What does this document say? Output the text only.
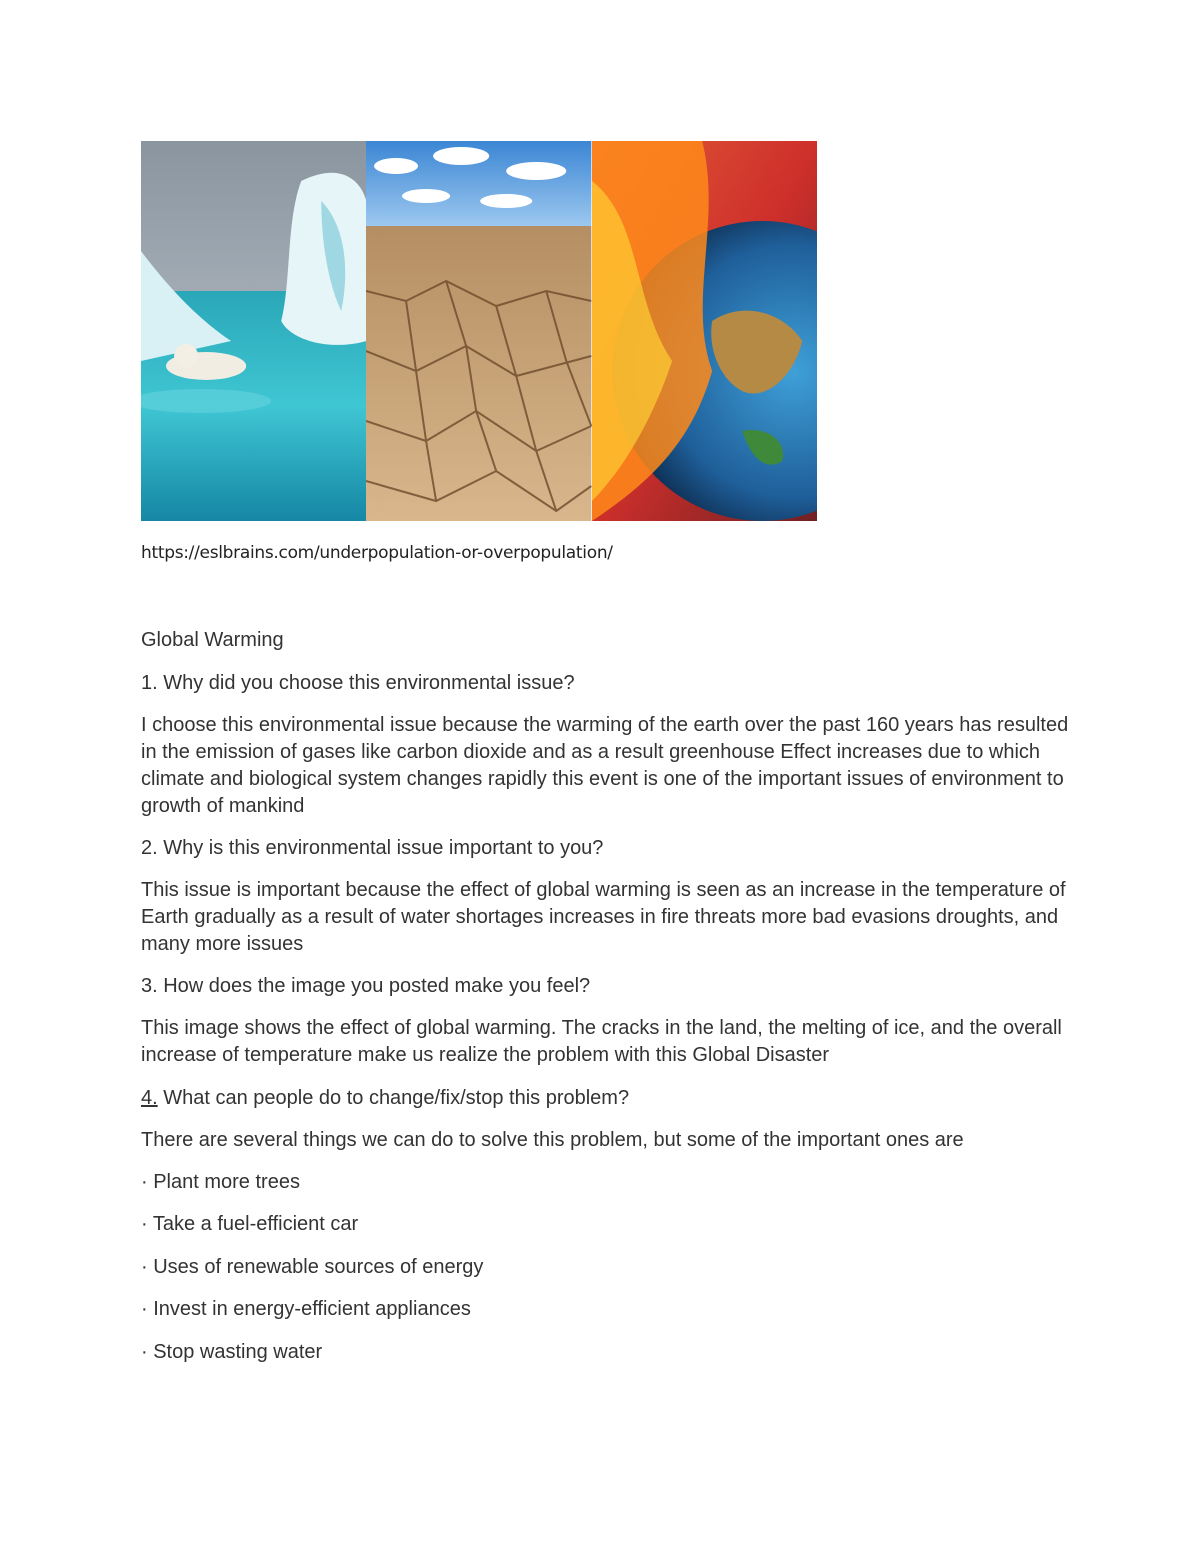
https://eslbrains.com/underpopulation-or-overpopulation/
Global Warming
1. Why did you choose this environmental issue?
I choose this environmental issue because the warming of the earth over the past 160 years has resulted in the emission of gases like carbon dioxide and as a result greenhouse Effect increases due to which climate and biological system changes rapidly this event is one of the important issues of environment to growth of mankind
2. Why is this environmental issue important to you?
This issue is important because the effect of global warming is seen as an increase in the temperature of Earth gradually as a result of water shortages increases in fire threats more bad evasions droughts, and many more issues
3. How does the image you posted make you feel?
This image shows the effect of global warming. The cracks in the land, the melting of ice, and the overall increase of temperature make us realize the problem with this Global Disaster
4. What can people do to change/fix/stop this problem?
There are several things we can do to solve this problem, but some of the important ones are
· Plant more trees
· Take a fuel-efficient car
· Uses of renewable sources of energy
· Invest in energy-efficient appliances
· Stop wasting water
